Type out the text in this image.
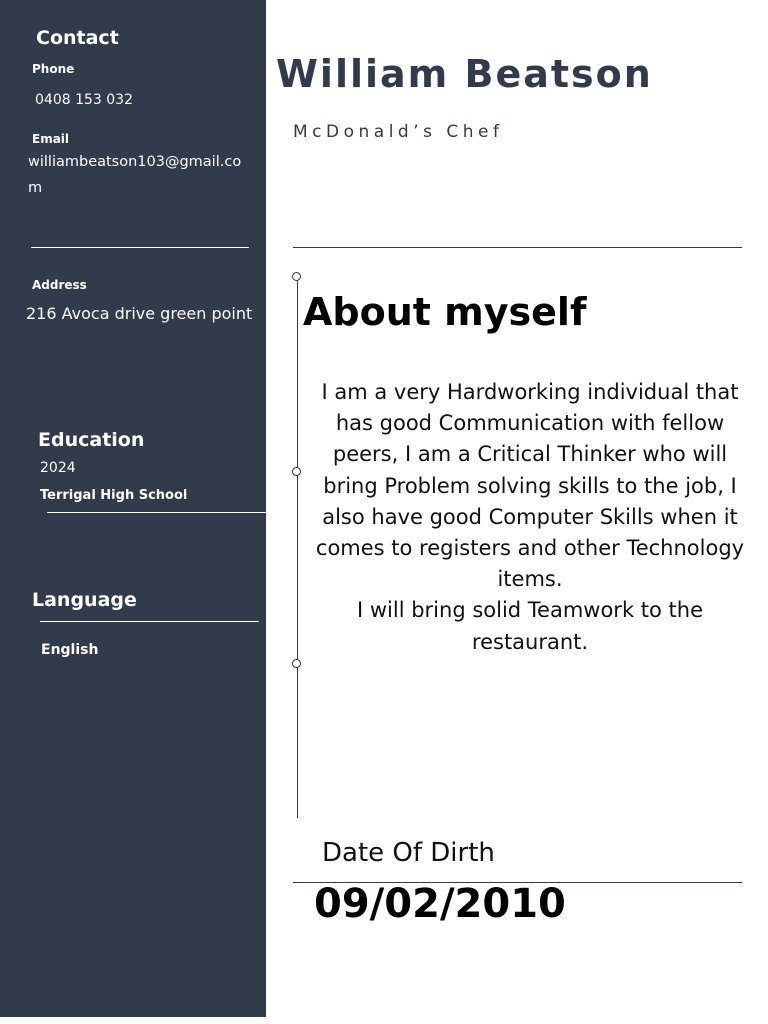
Contact
Phone
0408 153 032
Email
williambeatson103@gmail.co
m
Address
216 Avoca drive green point
Education
2024
Terrigal High School
Language
English
William Beatson
McDonald’s Chef
About myself
I am a very Hardworking individual that
has good Communication with fellow
peers, I am a Critical Thinker who will
bring Problem solving skills to the job, I
also have good Computer Skills when it
comes to registers and other Technology
items.
I will bring solid Teamwork to the
restaurant.
Date Of Dirth
09/02/2010
